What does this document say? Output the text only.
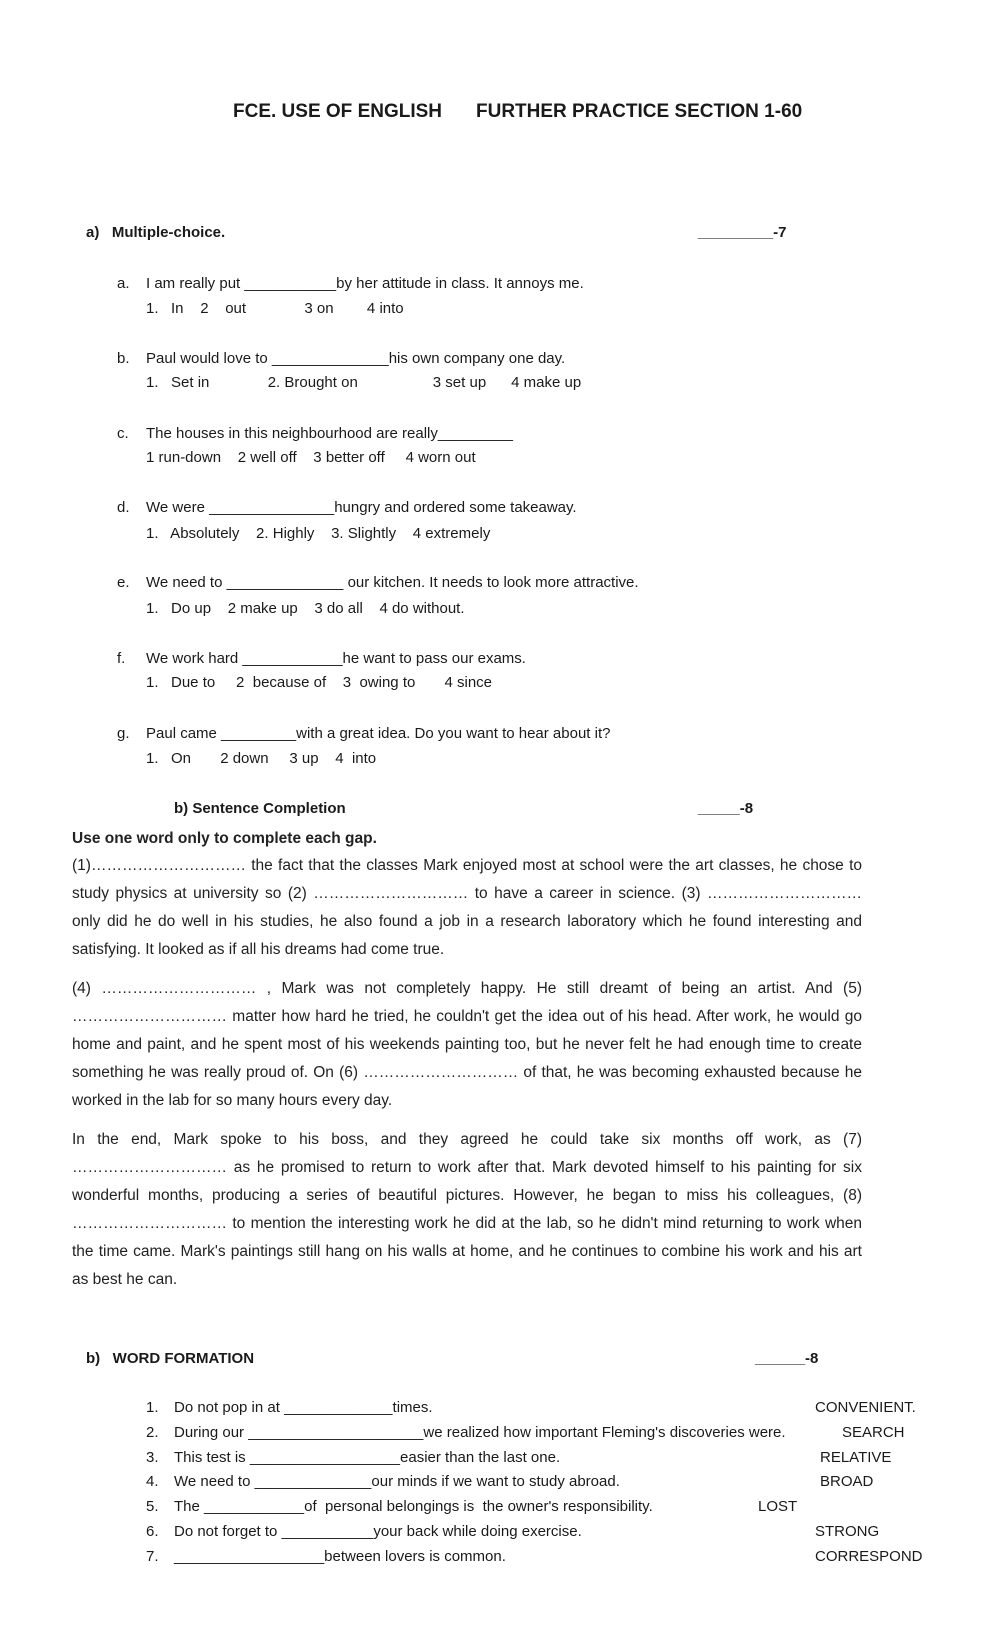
FCE. USE OF ENGLISH FURTHER PRACTICE SECTION 1-60
a)   Multiple-choice.	_________-7
a. I am really put ___________by her attitude in class. It annoys me.
1.   In    2    out              3 on        4 into
b. Paul would love to ______________his own company one day.
1.   Set in              2. Brought on                  3 set up      4 make up
c. The houses in this neighbourhood are really_________
1 run-down    2 well off    3 better off     4 worn out
d. We were _______________hungry and ordered some takeaway.
1.   Absolutely    2. Highly    3. Slightly    4 extremely
e. We need to ______________ our kitchen. It needs to look more attractive.
1.   Do up    2 make up    3 do all    4 do without.
f. We work hard ____________he want to pass our exams.
1.   Due to     2  because of    3  owing to       4 since
g. Paul came _________with a great idea. Do you want to hear about it?
1.   On       2 down     3 up    4  into
b) Sentence Completion	_____-8
Use one word only to complete each gap.
(1)………………………… the fact that the classes Mark enjoyed most at school were the art classes, he chose to study physics at university so (2) ………………………… to have a career in science. (3) ………………………… only did he do well in his studies, he also found a job in a research laboratory which he found interesting and satisfying. It looked as if all his dreams had come true.
(4) ………………………… , Mark was not completely happy. He still dreamt of being an artist. And (5) ………………………… matter how hard he tried, he couldn't get the idea out of his head. After work, he would go home and paint, and he spent most of his weekends painting too, but he never felt he had enough time to create something he was really proud of. On (6) ………………………… of that, he was becoming exhausted because he worked in the lab for so many hours every day.
In the end, Mark spoke to his boss, and they agreed he could take six months off work, as (7) ………………………… as he promised to return to work after that. Mark devoted himself to his painting for six wonderful months, producing a series of beautiful pictures. However, he began to miss his colleagues, (8) ………………………… to mention the interesting work he did at the lab, so he didn't mind returning to work when the time came. Mark's paintings still hang on his walls at home, and he continues to combine his work and his art as best he can.
b)   WORD FORMATION	______-8
1. Do not pop in at _____________times.	CONVENIENT.
2. During our _____________________we realized how important Fleming's discoveries were.	SEARCH
3. This test is __________________easier than the last one.	RELATIVE
4. We need to ______________our minds if we want to study abroad.	BROAD
5. The ____________of  personal belongings is  the owner's responsibility.	LOST
6. Do not forget to ___________your back while doing exercise.	STRONG
7. __________________between lovers is common.	CORRESPOND
